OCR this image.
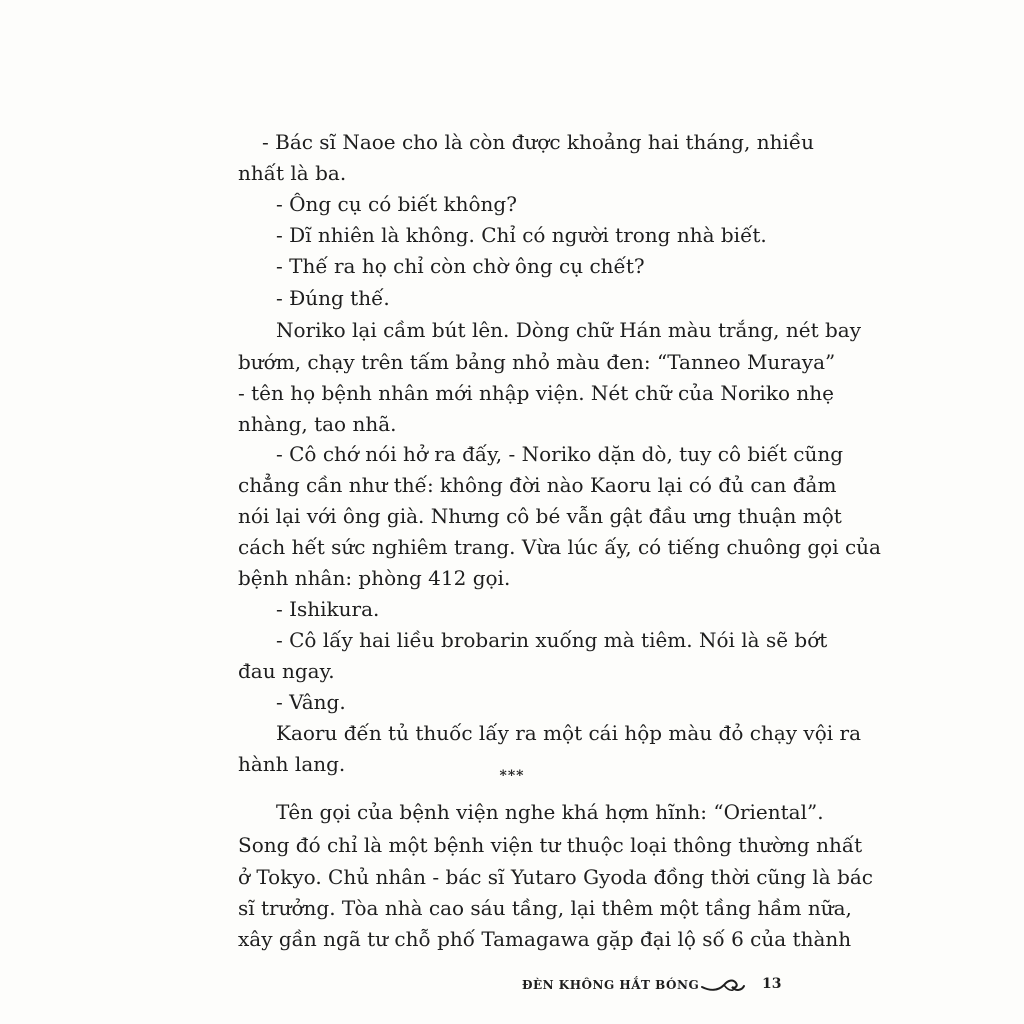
- Bác sĩ Naoe cho là còn được khoảng hai tháng, nhiều
nhất là ba.
- Ông cụ có biết không?
- Dĩ nhiên là không. Chỉ có người trong nhà biết.
- Thế ra họ chỉ còn chờ ông cụ chết?
- Đúng thế.
Noriko lại cầm bút lên. Dòng chữ Hán màu trắng, nét bay
bướm, chạy trên tấm bảng nhỏ màu đen: “Tanneo Muraya”
- tên họ bệnh nhân mới nhập viện. Nét chữ của Noriko nhẹ
nhàng, tao nhã.
- Cô chớ nói hở ra đấy, - Noriko dặn dò, tuy cô biết cũng
chẳng cần như thế: không đời nào Kaoru lại có đủ can đảm
nói lại với ông già. Nhưng cô bé vẫn gật đầu ưng thuận một
cách hết sức nghiêm trang. Vừa lúc ấy, có tiếng chuông gọi của
bệnh nhân: phòng 412 gọi.
- Ishikura.
- Cô lấy hai liều brobarin xuống mà tiêm. Nói là sẽ bớt
đau ngay.
- Vâng.
Kaoru đến tủ thuốc lấy ra một cái hộp màu đỏ chạy vội ra
hành lang.	***
Tên gọi của bệnh viện nghe khá hợm hĩnh: “Oriental”.
Song đó chỉ là một bệnh viện tư thuộc loại thông thường nhất
ở Tokyo. Chủ nhân - bác sĩ Yutaro Gyoda đồng thời cũng là bác
sĩ trưởng. Tòa nhà cao sáu tầng, lại thêm một tầng hầm nữa,
xây gần ngã tư chỗ phố Tamagawa gặp đại lộ số 6 của thành
ĐÈN KHÔNG HẮT BÓNG	13
